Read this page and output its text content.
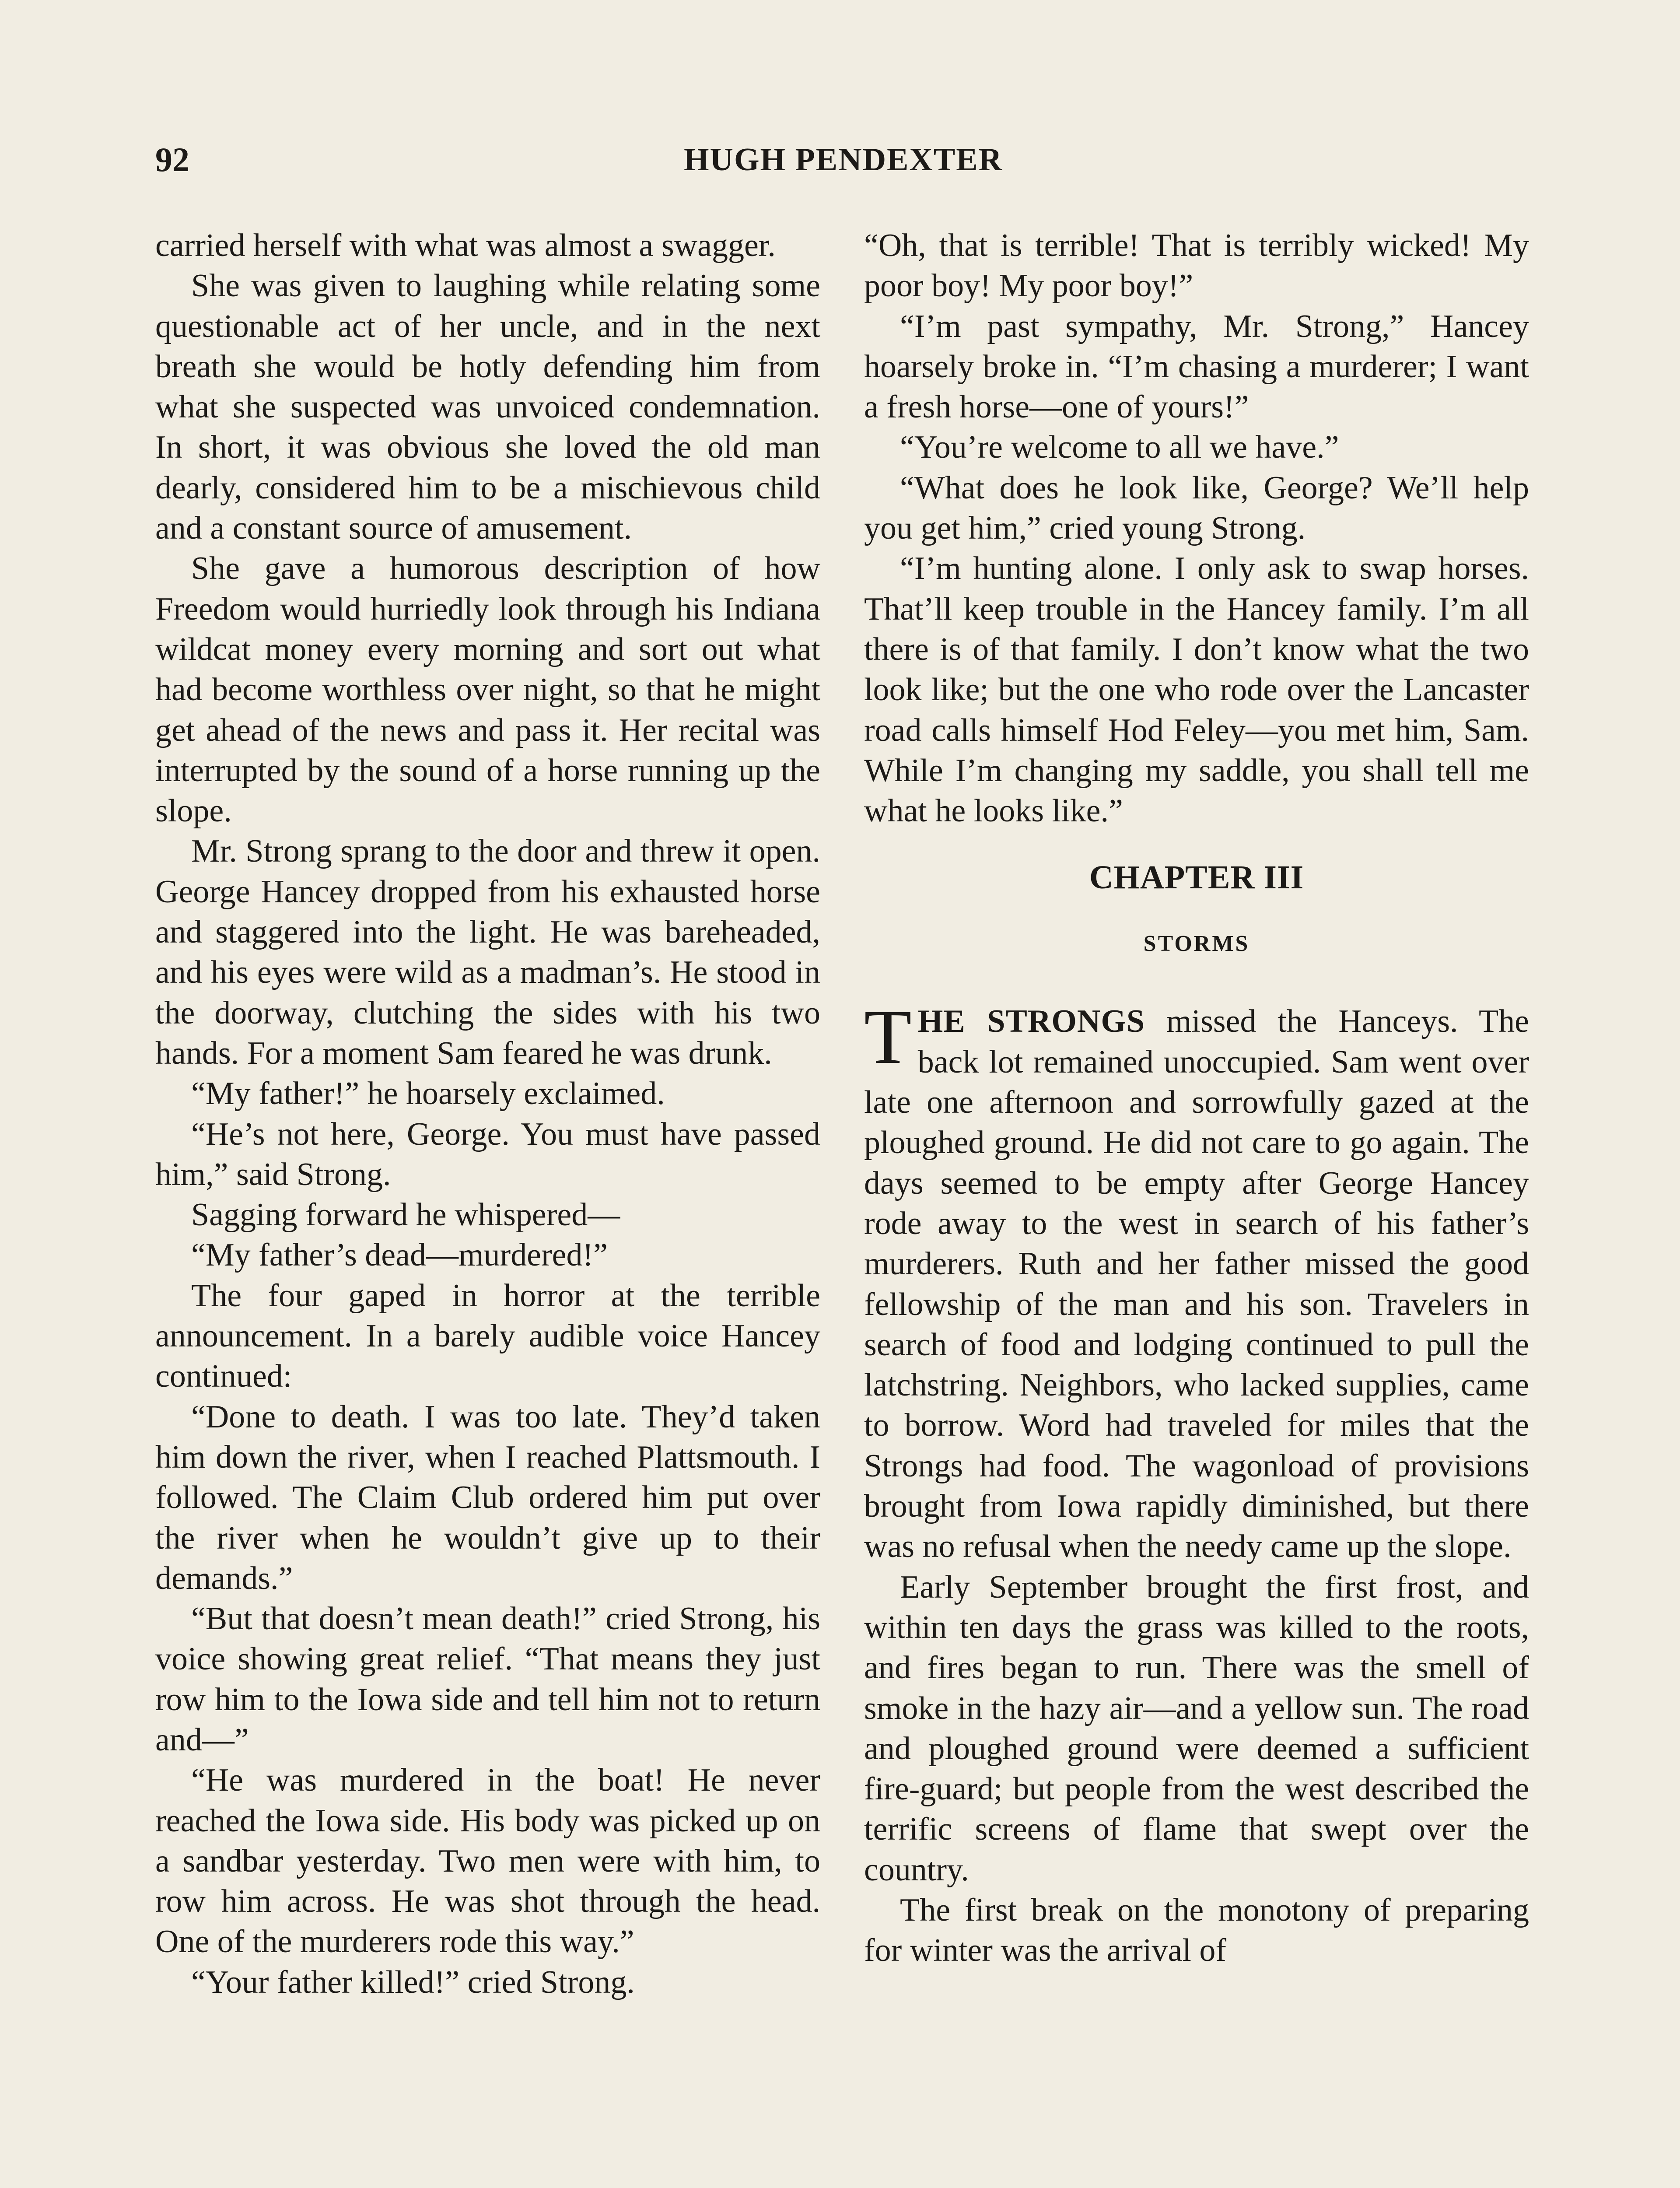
92	HUGH PENDEXTER

carried herself with what was almost a swagger.

She was given to laughing while relating some questionable act of her uncle, and in the next breath she would be hotly defending him from what she suspected was unvoiced condemnation. In short, it was obvious she loved the old man dearly, considered him to be a mischievous child and a constant source of amusement.

She gave a humorous description of how Freedom would hurriedly look through his Indiana wildcat money every morning and sort out what had become worthless over night, so that he might get ahead of the news and pass it. Her recital was interrupted by the sound of a horse running up the slope.

Mr. Strong sprang to the door and threw it open. George Hancey dropped from his exhausted horse and staggered into the light. He was bareheaded, and his eyes were wild as a madman’s. He stood in the doorway, clutching the sides with his two hands. For a moment Sam feared he was drunk.

“My father!” he hoarsely exclaimed.

“He’s not here, George. You must have passed him,” said Strong.

Sagging forward he whispered—

“My father’s dead—murdered!”

The four gaped in horror at the terrible announcement. In a barely audible voice Hancey continued:

“Done to death. I was too late. They’d taken him down the river, when I reached Plattsmouth. I followed. The Claim Club ordered him put over the river when he wouldn’t give up to their demands.”

“But that doesn’t mean death!” cried Strong, his voice showing great relief. “That means they just row him to the Iowa side and tell him not to return and—”

“He was murdered in the boat! He never reached the Iowa side. His body was picked up on a sandbar yesterday. Two men were with him, to row him across. He was shot through the head. One of the murderers rode this way.”

“Your father killed!” cried Strong.

“Oh, that is terrible! That is terribly wicked! My poor boy! My poor boy!”

“I’m past sympathy, Mr. Strong,” Hancey hoarsely broke in. “I’m chasing a murderer; I want a fresh horse—one of yours!”

“You’re welcome to all we have.”

“What does he look like, George? We’ll help you get him,” cried young Strong.

“I’m hunting alone. I only ask to swap horses. That’ll keep trouble in the Hancey family. I’m all there is of that family. I don’t know what the two look like; but the one who rode over the Lancaster road calls himself Hod Feley—you met him, Sam. While I’m changing my saddle, you shall tell me what he looks like.”

CHAPTER III
STORMS

THE STRONGS missed the Hanceys. The back lot remained unoccupied. Sam went over late one afternoon and sorrowfully gazed at the ploughed ground. He did not care to go again. The days seemed to be empty after George Hancey rode away to the west in search of his father’s murderers. Ruth and her father missed the good fellowship of the man and his son. Travelers in search of food and lodging continued to pull the latchstring. Neighbors, who lacked supplies, came to borrow. Word had traveled for miles that the Strongs had food. The wagonload of provisions brought from Iowa rapidly diminished, but there was no refusal when the needy came up the slope.

Early September brought the first frost, and within ten days the grass was killed to the roots, and fires began to run. There was the smell of smoke in the hazy air—and a yellow sun. The road and ploughed ground were deemed a sufficient fire-guard; but people from the west described the terrific screens of flame that swept over the country.

The first break on the monotony of preparing for winter was the arrival of
